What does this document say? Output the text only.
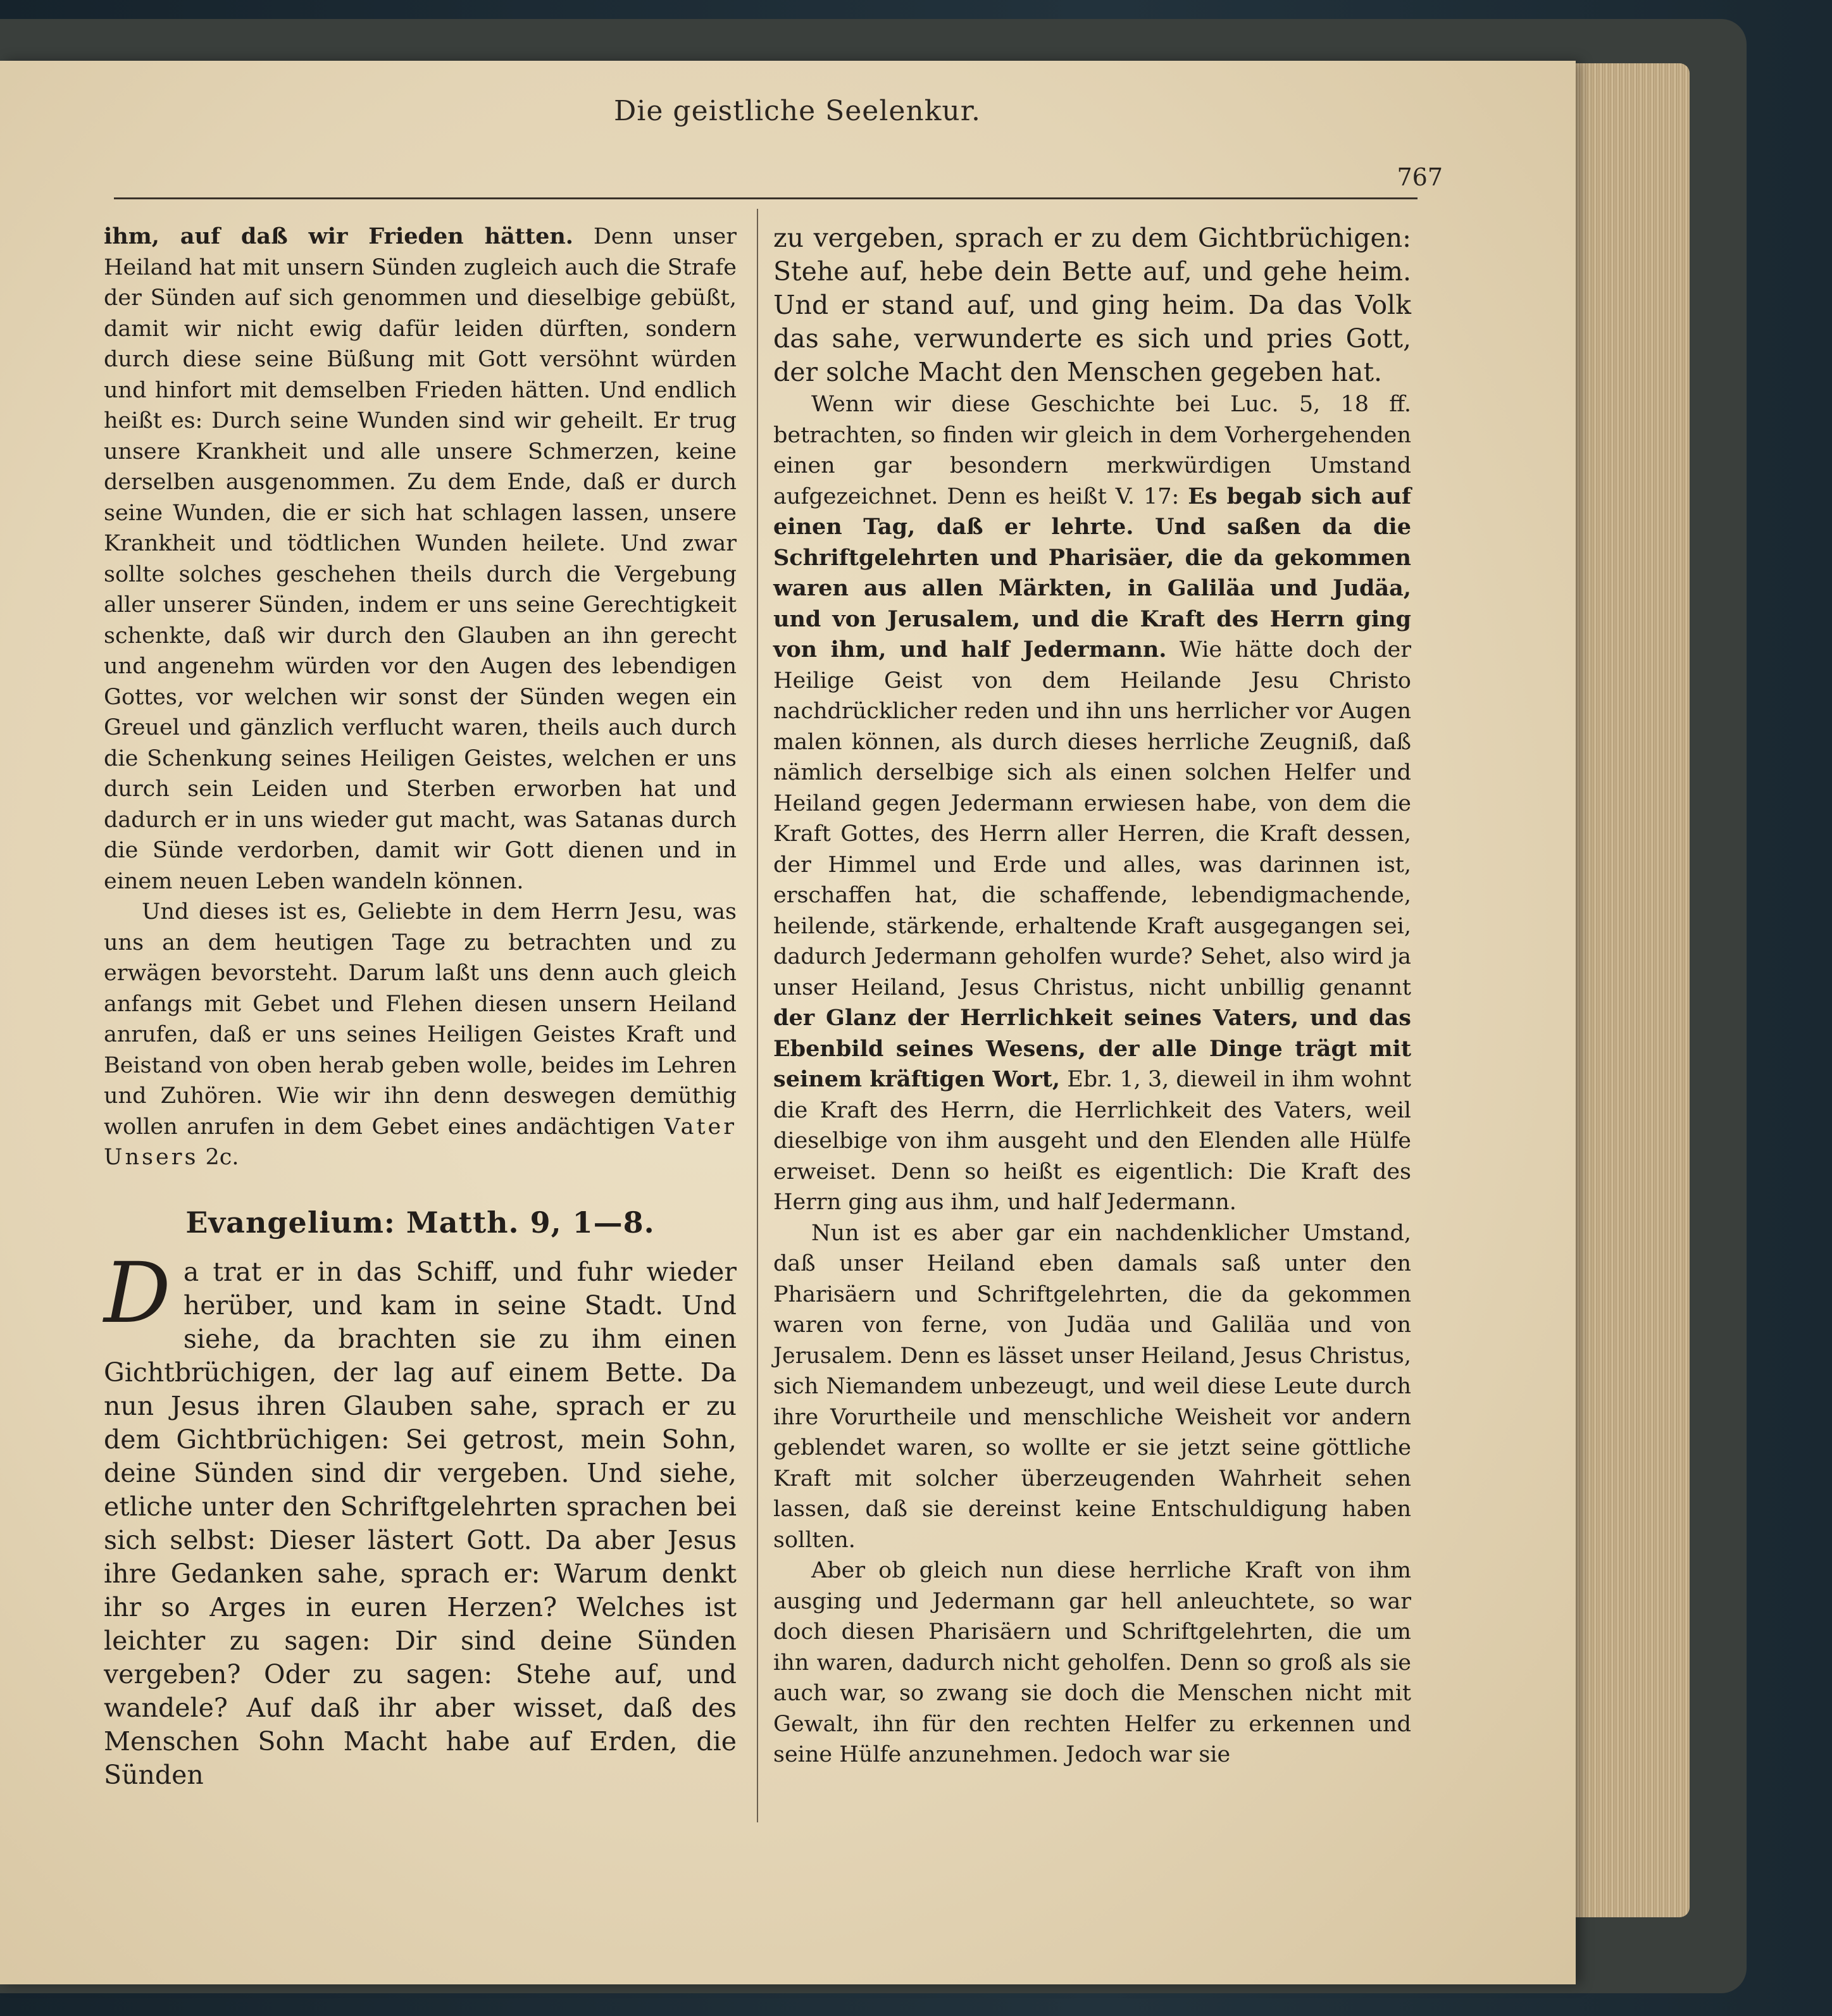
Die geistliche Seelenkur.
767

ihm, auf daß wir Frieden hätten. Denn unser Heiland hat mit unsern Sünden zugleich auch die Strafe der Sünden auf sich genommen und dieselbige gebüßt, damit wir nicht ewig dafür leiden dürften, sondern durch diese seine Büßung mit Gott versöhnt würden und hinfort mit demselben Frieden hätten. Und endlich heißt es: Durch seine Wunden sind wir geheilt. Er trug unsere Krankheit und alle unsere Schmerzen, keine derselben ausgenommen. Zu dem Ende, daß er durch seine Wunden, die er sich hat schlagen lassen, unsere Krankheit und tödtlichen Wunden heilete. Und zwar sollte solches geschehen theils durch die Vergebung aller unserer Sünden, indem er uns seine Gerechtigkeit schenkte, daß wir durch den Glauben an ihn gerecht und angenehm würden vor den Augen des lebendigen Gottes, vor welchen wir sonst der Sünden wegen ein Greuel und gänzlich verflucht waren, theils auch durch die Schenkung seines Heiligen Geistes, welchen er uns durch sein Leiden und Sterben erworben hat und dadurch er in uns wieder gut macht, was Satanas durch die Sünde verdorben, damit wir Gott dienen und in einem neuen Leben wandeln können.

Und dieses ist es, Geliebte in dem Herrn Jesu, was uns an dem heutigen Tage zu betrachten und zu erwägen bevorsteht. Darum laßt uns denn auch gleich anfangs mit Gebet und Flehen diesen unsern Heiland anrufen, daß er uns seines Heiligen Geistes Kraft und Beistand von oben herab geben wolle, beides im Lehren und Zuhören. Wie wir ihn denn deswegen demüthig wollen anrufen in dem Gebet eines andächtigen Vater Unsers 2c.

Evangelium: Matth. 9, 1—8.

Da trat er in das Schiff, und fuhr wieder herüber, und kam in seine Stadt. Und siehe, da brachten sie zu ihm einen Gichtbrüchigen, der lag auf einem Bette. Da nun Jesus ihren Glauben sahe, sprach er zu dem Gichtbrüchigen: Sei getrost, mein Sohn, deine Sünden sind dir vergeben. Und siehe, etliche unter den Schriftgelehrten sprachen bei sich selbst: Dieser lästert Gott. Da aber Jesus ihre Gedanken sahe, sprach er: Warum denkt ihr so Arges in euren Herzen? Welches ist leichter zu sagen: Dir sind deine Sünden vergeben? Oder zu sagen: Stehe auf, und wandele? Auf daß ihr aber wisset, daß des Menschen Sohn Macht habe auf Erden, die Sünden

zu vergeben, sprach er zu dem Gichtbrüchigen: Stehe auf, hebe dein Bette auf, und gehe heim. Und er stand auf, und ging heim. Da das Volk das sahe, verwunderte es sich und pries Gott, der solche Macht den Menschen gegeben hat.

Wenn wir diese Geschichte bei Luc. 5, 18 ff. betrachten, so finden wir gleich in dem Vorhergehenden einen gar besondern merkwürdigen Umstand aufgezeichnet. Denn es heißt V. 17: Es begab sich auf einen Tag, daß er lehrte. Und saßen da die Schriftgelehrten und Pharisäer, die da gekommen waren aus allen Märkten, in Galiläa und Judäa, und von Jerusalem, und die Kraft des Herrn ging von ihm, und half Jedermann. Wie hätte doch der Heilige Geist von dem Heilande Jesu Christo nachdrücklicher reden und ihn uns herrlicher vor Augen malen können, als durch dieses herrliche Zeugniß, daß nämlich derselbige sich als einen solchen Helfer und Heiland gegen Jedermann erwiesen habe, von dem die Kraft Gottes, des Herrn aller Herren, die Kraft dessen, der Himmel und Erde und alles, was darinnen ist, erschaffen hat, die schaffende, lebendigmachende, heilende, stärkende, erhaltende Kraft ausgegangen sei, dadurch Jedermann geholfen wurde? Sehet, also wird ja unser Heiland, Jesus Christus, nicht unbillig genannt der Glanz der Herrlichkeit seines Vaters, und das Ebenbild seines Wesens, der alle Dinge trägt mit seinem kräftigen Wort, Ebr. 1, 3, dieweil in ihm wohnt die Kraft des Herrn, die Herrlichkeit des Vaters, weil dieselbige von ihm ausgeht und den Elenden alle Hülfe erweiset. Denn so heißt es eigentlich: Die Kraft des Herrn ging aus ihm, und half Jedermann.

Nun ist es aber gar ein nachdenklicher Umstand, daß unser Heiland eben damals saß unter den Pharisäern und Schriftgelehrten, die da gekommen waren von ferne, von Judäa und Galiläa und von Jerusalem. Denn es lässet unser Heiland, Jesus Christus, sich Niemandem unbezeugt, und weil diese Leute durch ihre Vorurtheile und menschliche Weisheit vor andern geblendet waren, so wollte er sie jetzt seine göttliche Kraft mit solcher überzeugenden Wahrheit sehen lassen, daß sie dereinst keine Entschuldigung haben sollten.

Aber ob gleich nun diese herrliche Kraft von ihm ausging und Jedermann gar hell anleuchtete, so war doch diesen Pharisäern und Schriftgelehrten, die um ihn waren, dadurch nicht geholfen. Denn so groß als sie auch war, so zwang sie doch die Menschen nicht mit Gewalt, ihn für den rechten Helfer zu erkennen und seine Hülfe anzunehmen. Jedoch war sie
